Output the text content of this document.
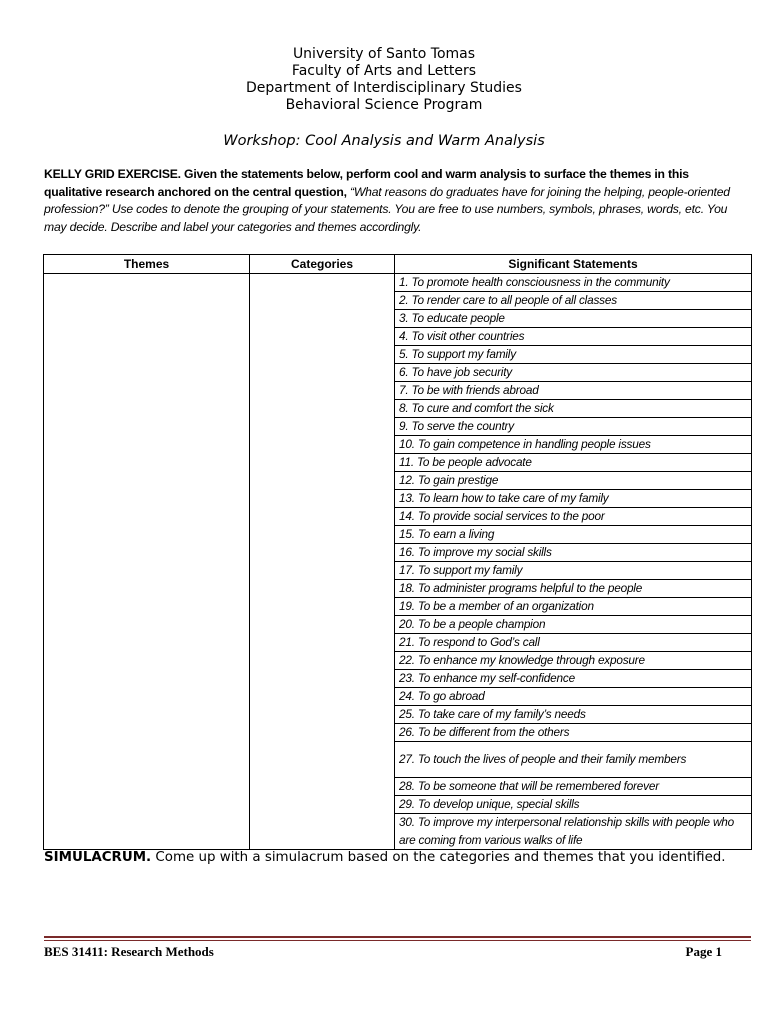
University of Santo Tomas
Faculty of Arts and Letters
Department of Interdisciplinary Studies
Behavioral Science Program
Workshop: Cool Analysis and Warm Analysis
KELLY GRID EXERCISE. Given the statements below, perform cool and warm analysis to surface the themes in this qualitative research anchored on the central question, “What reasons do graduates have for joining the helping, people-oriented profession?” Use codes to denote the grouping of your statements. You are free to use numbers, symbols, phrases, words, etc. You may decide. Describe and label your categories and themes accordingly.
Themes	Categories	Significant Statements
		1. To promote health consciousness in the community
		2. To render care to all people of all classes
		3. To educate people
		4. To visit other countries
		5. To support my family
		6. To have job security
		7. To be with friends abroad
		8. To cure and comfort the sick
		9. To serve the country
		10. To gain competence in handling people issues
		11. To be people advocate
		12. To gain prestige
		13. To learn how to take care of my family
		14. To provide social services to the poor
		15. To earn a living
		16. To improve my social skills
		17. To support my family
		18. To administer programs helpful to the people
		19. To be a member of an organization
		20. To be a people champion
		21. To respond to God’s call
		22. To enhance my knowledge through exposure
		23. To enhance my self-confidence
		24. To go abroad
		25. To take care of my family’s needs
		26. To be different from the others
		27. To touch the lives of people and their family members
		28. To be someone that will be remembered forever
		29. To develop unique, special skills
		30. To improve my interpersonal relationship skills with people who are coming from various walks of life
SIMULACRUM. Come up with a simulacrum based on the categories and themes that you identified.
BES 31411: Research Methods	Page 1
